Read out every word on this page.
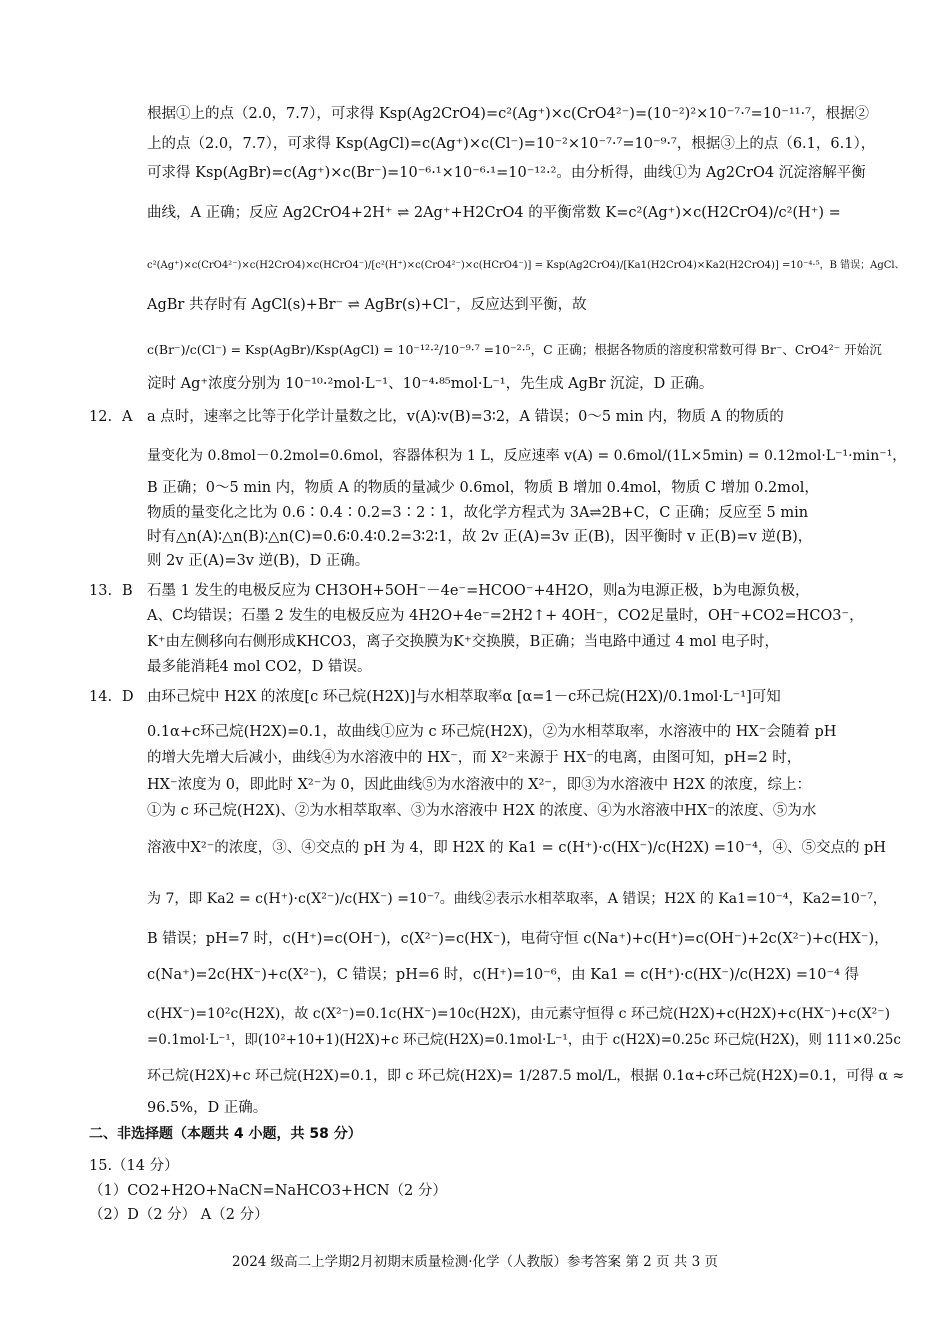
根据①上的点（2.0，7.7），可求得 Ksp(Ag2CrO4)=c²(Ag⁺)×c(CrO4²⁻)=(10⁻²)²×10⁻⁷·⁷=10⁻¹¹·⁷，根据②
上的点（2.0，7.7），可求得 Ksp(AgCl)=c(Ag⁺)×c(Cl⁻)=10⁻²×10⁻⁷·⁷=10⁻⁹·⁷，根据③上的点（6.1，6.1），
可求得 Ksp(AgBr)=c(Ag⁺)×c(Br⁻)=10⁻⁶·¹×10⁻⁶·¹=10⁻¹²·²。由分析得，曲线①为 Ag2CrO4 沉淀溶解平衡
曲线，A 正确；反应 Ag2CrO4+2H⁺ ⇌ 2Ag⁺+H2CrO4 的平衡常数 K=c²(Ag⁺)×c(H2CrO4)/c²(H⁺) =
c²(Ag⁺)×c(CrO4²⁻)×c(H2CrO4)×c(HCrO4⁻)/[c²(H⁺)×c(CrO4²⁻)×c(HCrO4⁻)] = Ksp(Ag2CrO4)/[Ka1(H2CrO4)×Ka2(H2CrO4)] =10⁻⁴·⁵，B 错误；AgCl、
AgBr 共存时有 AgCl(s)+Br⁻ ⇌ AgBr(s)+Cl⁻，反应达到平衡，故
c(Br⁻)/c(Cl⁻) = Ksp(AgBr)/Ksp(AgCl) = 10⁻¹²·²/10⁻⁹·⁷ =10⁻²·⁵，C 正确；根据各物质的溶度积常数可得 Br⁻、CrO4²⁻ 开始沉
淀时 Ag⁺浓度分别为 10⁻¹⁰·²mol·L⁻¹、10⁻⁴·⁸⁵mol·L⁻¹，先生成 AgBr 沉淀，D 正确。
12. A a 点时，速率之比等于化学计量数之比，v(A)∶v(B)=3∶2，A 错误；0～5 min 内，物质 A 的物质的
量变化为 0.8mol－0.2mol=0.6mol，容器体积为 1 L，反应速率 v(A) = 0.6mol/(1L×5min) = 0.12mol·L⁻¹·min⁻¹，
B 正确；0～5 min 内，物质 A 的物质的量减少 0.6mol，物质 B 增加 0.4mol，物质 C 增加 0.2mol，
物质的量变化之比为 0.6∶0.4∶0.2=3∶2∶1，故化学方程式为 3A⇌2B+C，C 正确；反应至 5 min
时有△n(A)∶△n(B)∶△n(C)=0.6∶0.4∶0.2=3∶2∶1，故 2v 正(A)=3v 正(B)，因平衡时 v 正(B)=v 逆(B)，
则 2v 正(A)=3v 逆(B)，D 正确。
13. B 石墨 1 发生的电极反应为 CH3OH+5OH⁻－4e⁻=HCOO⁻+4H2O，则a为电源正极，b为电源负极，
A、C均错误；石墨 2 发生的电极反应为 4H2O+4e⁻=2H2↑+ 4OH⁻，CO2足量时，OH⁻+CO2=HCO3⁻，
K⁺由左侧移向右侧形成KHCO3，离子交换膜为K⁺交换膜，B正确；当电路中通过 4 mol 电子时，
最多能消耗4 mol CO2，D 错误。
14. D 由环己烷中 H2X 的浓度[c 环己烷(H2X)]与水相萃取率α [α=1－c环己烷(H2X)/0.1mol·L⁻¹]可知
0.1α+c环己烷(H2X)=0.1，故曲线①应为 c 环己烷(H2X)，②为水相萃取率，水溶液中的 HX⁻会随着 pH
的增大先增大后减小，曲线④为水溶液中的 HX⁻，而 X²⁻来源于 HX⁻的电离，由图可知，pH=2 时，
HX⁻浓度为 0，即此时 X²⁻为 0，因此曲线⑤为水溶液中的 X²⁻，即③为水溶液中 H2X 的浓度，综上：
①为 c 环己烷(H2X)、②为水相萃取率、③为水溶液中 H2X 的浓度、④为水溶液中HX⁻的浓度、⑤为水
溶液中X²⁻的浓度，③、④交点的 pH 为 4，即 H2X 的 Ka1 = c(H⁺)·c(HX⁻)/c(H2X) =10⁻⁴，④、⑤交点的 pH
为 7，即 Ka2 = c(H⁺)·c(X²⁻)/c(HX⁻) =10⁻⁷。曲线②表示水相萃取率，A 错误；H2X 的 Ka1=10⁻⁴，Ka2=10⁻⁷，
B 错误；pH=7 时，c(H⁺)=c(OH⁻)，c(X²⁻)=c(HX⁻)，电荷守恒 c(Na⁺)+c(H⁺)=c(OH⁻)+2c(X²⁻)+c(HX⁻)，
c(Na⁺)=2c(HX⁻)+c(X²⁻)，C 错误；pH=6 时，c(H⁺)=10⁻⁶，由 Ka1 = c(H⁺)·c(HX⁻)/c(H2X) =10⁻⁴ 得
c(HX⁻)=10²c(H2X)，故 c(X²⁻)=0.1c(HX⁻)=10c(H2X)，由元素守恒得 c 环己烷(H2X)+c(H2X)+c(HX⁻)+c(X²⁻)
=0.1mol·L⁻¹，即(10²+10+1)(H2X)+c 环己烷(H2X)=0.1mol·L⁻¹，由于 c(H2X)=0.25c 环己烷(H2X)，则 111×0.25c
环己烷(H2X)+c 环己烷(H2X)=0.1，即 c 环己烷(H2X)= 1/287.5 mol/L，根据 0.1α+c环己烷(H2X)=0.1，可得 α ≈
96.5%，D 正确。
二、非选择题（本题共 4 小题，共 58 分）
15.（14 分）
（1）CO2+H2O+NaCN=NaHCO3+HCN（2 分）
（2）D（2 分） A（2 分）
2024 级高二上学期2月初期末质量检测·化学（人教版）参考答案 第 2 页 共 3 页
